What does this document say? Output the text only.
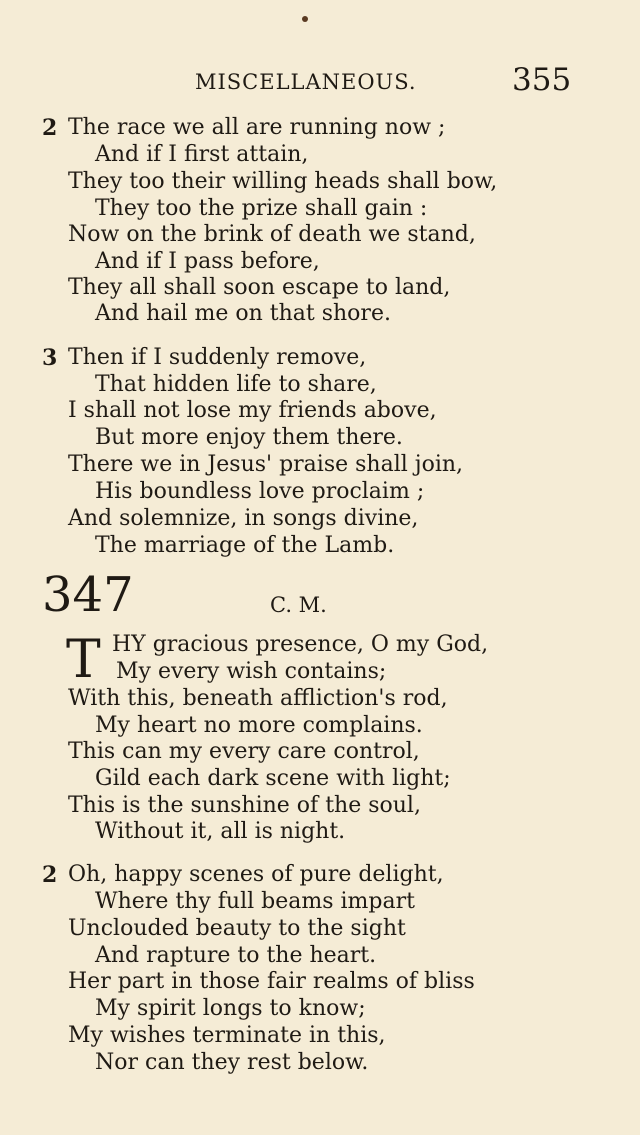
MISCELLANEOUS.	355
2 The race we all are running now ;
And if I first attain,
They too their willing heads shall bow,
They too the prize shall gain :
Now on the brink of death we stand,
And if I pass before,
They all shall soon escape to land,
And hail me on that shore.
3 Then if I suddenly remove,
That hidden life to share,
I shall not lose my friends above,
But more enjoy them there.
There we in Jesus' praise shall join,
His boundless love proclaim ;
And solemnize, in songs divine,
The marriage of the Lamb.
347	C. M.
T HY gracious presence, O my God,
My every wish contains;
With this, beneath affliction's rod,
My heart no more complains.
This can my every care control,
Gild each dark scene with light;
This is the sunshine of the soul,
Without it, all is night.
2 Oh, happy scenes of pure delight,
Where thy full beams impart
Unclouded beauty to the sight
And rapture to the heart.
Her part in those fair realms of bliss
My spirit longs to know;
My wishes terminate in this,
Nor can they rest below.
